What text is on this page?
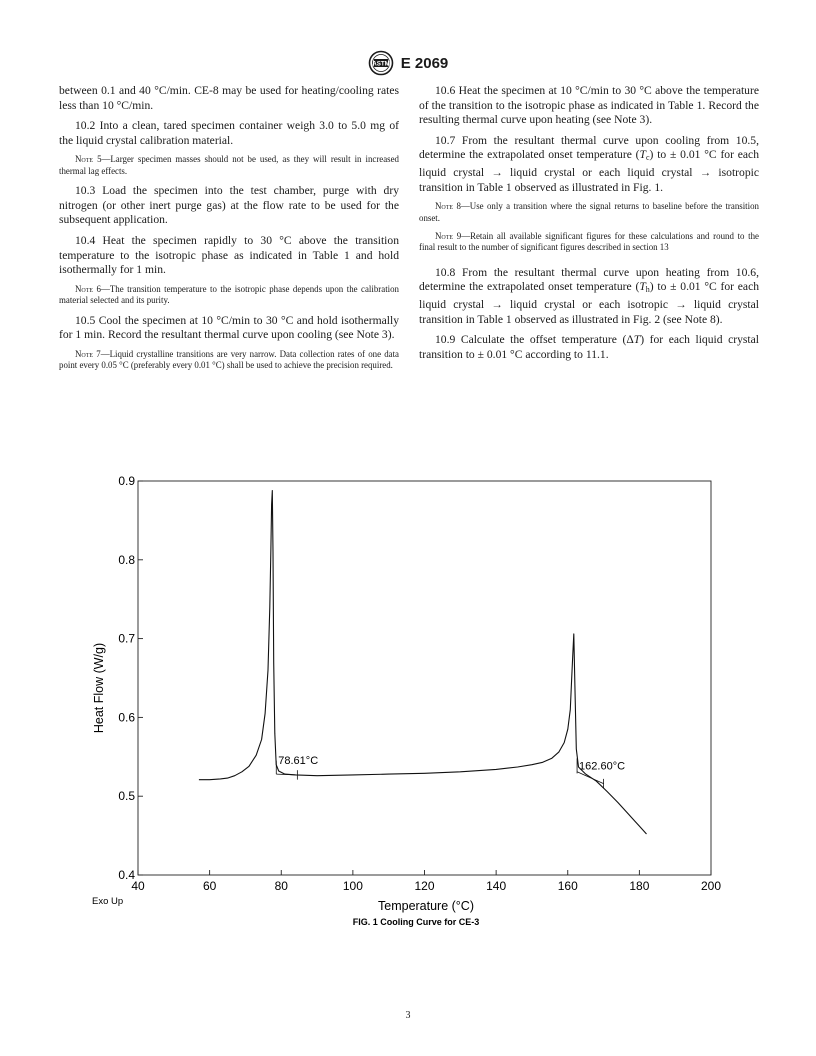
ASTM E 2069

between 0.1 and 40 °C/min. CE-8 may be used for heating/cooling rates less than 10 °C/min.

10.2 Into a clean, tared specimen container weigh 3.0 to 5.0 mg of the liquid crystal calibration material.

Note 5—Larger specimen masses should not be used, as they will result in increased thermal lag effects.

10.3 Load the specimen into the test chamber, purge with dry nitrogen (or other inert purge gas) at the flow rate to be used for the subsequent application.

10.4 Heat the specimen rapidly to 30 °C above the transition temperature to the isotropic phase as indicated in Table 1 and hold isothermally for 1 min.

Note 6—The transition temperature to the isotropic phase depends upon the calibration material selected and its purity.

10.5 Cool the specimen at 10 °C/min to 30 °C and hold isothermally for 1 min. Record the resultant thermal curve upon cooling (see Note 3).

Note 7—Liquid crystalline transitions are very narrow. Data collection rates of one data point every 0.05 °C (preferably every 0.01 °C) shall be used to achieve the precision required.

10.6 Heat the specimen at 10 °C/min to 30 °C above the temperature of the transition to the isotropic phase as indicated in Table 1. Record the resulting thermal curve upon heating (see Note 3).

10.7 From the resultant thermal curve upon cooling from 10.5, determine the extrapolated onset temperature $(T_c)$ to ± 0.01 °C for each liquid crystal → liquid crystal or each liquid crystal → isotropic transition in Table 1 observed as illustrated in Fig. 1.

Note 8—Use only a transition where the signal returns to baseline before the transition onset.

Note 9—Retain all available significant figures for these calculations and round to the final result to the number of significant figures described in section 13

10.8 From the resultant thermal curve upon heating from 10.6, determine the extrapolated onset temperature $(T_h)$ to ± 0.01 °C for each liquid crystal → liquid crystal or each isotropic → liquid crystal transition in Table 1 observed as illustrated in Fig. 2 (see Note 8).

10.9 Calculate the offset temperature (ΔT) for each liquid crystal transition to ± 0.01 °C according to 11.1.

40	60	80	100	120	140	160	180	200
0.4
0.5
0.6
0.7
0.8
0.9
78.61°C	162.60°C
Temperature (°C)
Heat Flow (W/g)
Exo Up
FIG. 1 Cooling Curve for CE-3
3
